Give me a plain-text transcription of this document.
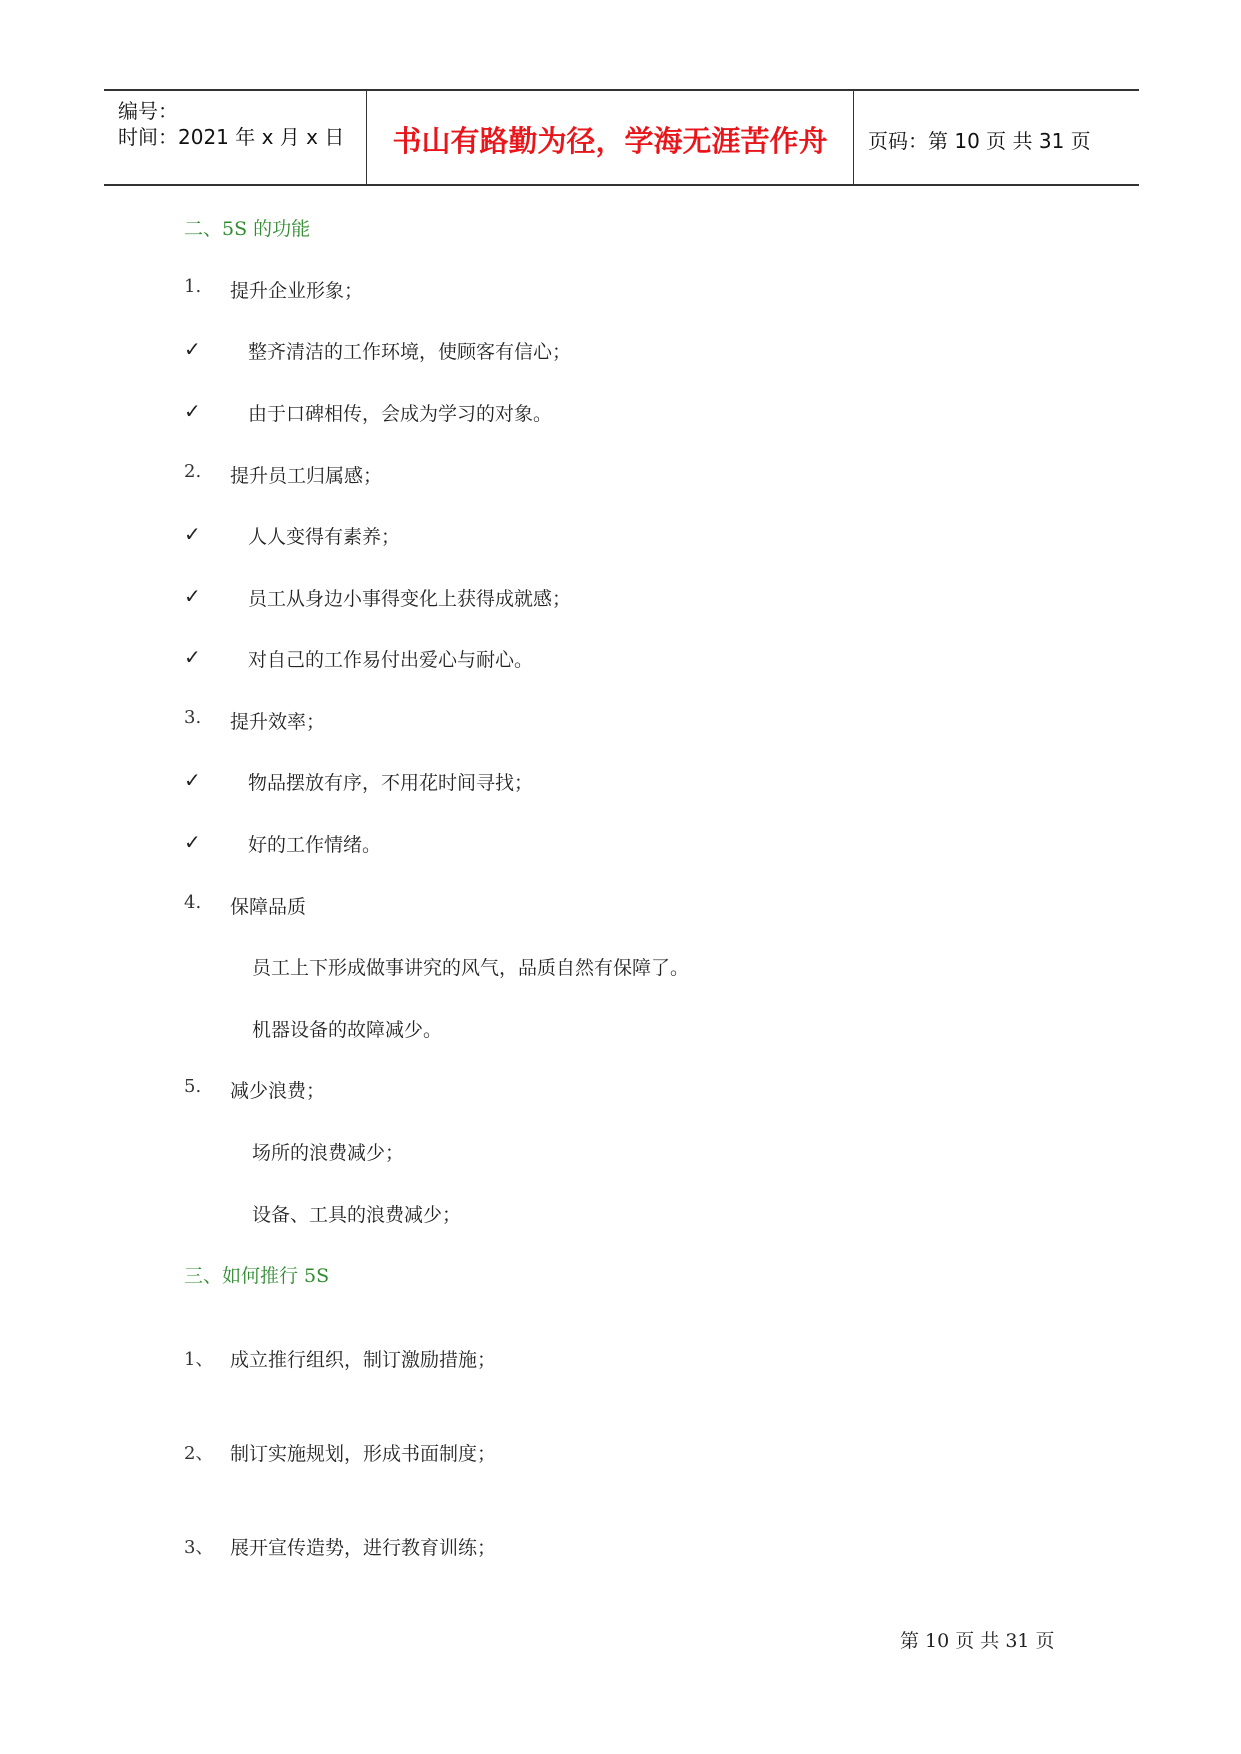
编号：
时间：2021 年 x 月 x 日	书山有路勤为径，学海无涯苦作舟	页码：第 10 页 共 31 页
二、5S 的功能
1. 提升企业形象；
✓ 整齐清洁的工作环境，使顾客有信心；
✓ 由于口碑相传，会成为学习的对象。
2. 提升员工归属感；
✓ 人人变得有素养；
✓ 员工从身边小事得变化上获得成就感；
✓ 对自己的工作易付出爱心与耐心。
3. 提升效率；
✓ 物品摆放有序，不用花时间寻找；
✓ 好的工作情绪。
4. 保障品质
员工上下形成做事讲究的风气，品质自然有保障了。
机器设备的故障减少。
5. 减少浪费；
场所的浪费减少；
设备、工具的浪费减少；
三、如何推行 5S
1、 成立推行组织，制订激励措施；
2、 制订实施规划，形成书面制度；
3、 展开宣传造势，进行教育训练；
第 10 页 共 31 页
